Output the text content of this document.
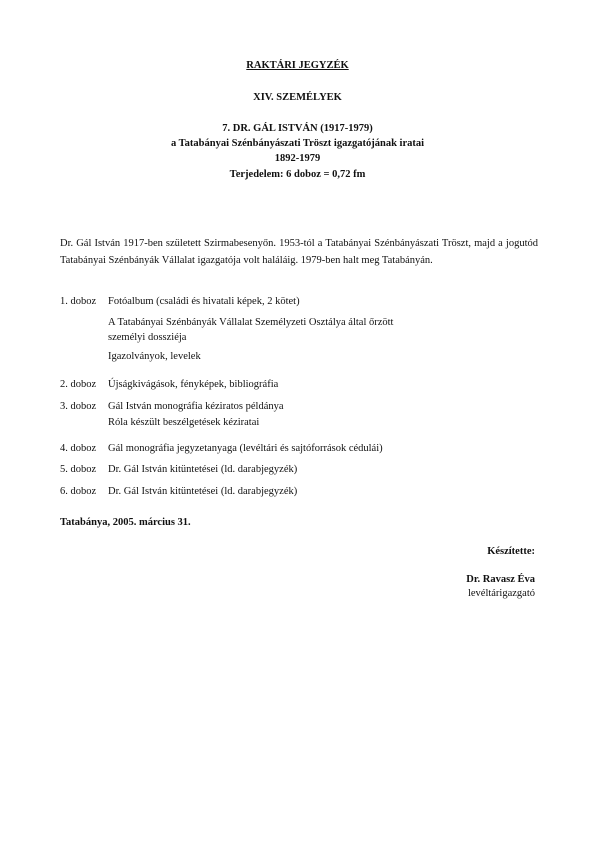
RAKTÁRI JEGYZÉK
XIV. SZEMÉLYEK
7. DR. GÁL ISTVÁN (1917-1979)
a Tatabányai Szénbányászati Tröszt igazgatójának iratai
1892-1979
Terjedelem: 6 doboz = 0,72 fm
Dr. Gál István 1917-ben született Szirmabesenyőn. 1953-tól a Tatabányai Szénbányászati Tröszt, majd a jogutód Tatabányai Szénbányák Vállalat igazgatója volt haláláig. 1979-ben halt meg Tatabányán.
1. doboz Fotóalbum (családi és hivatali képek, 2 kötet)
A Tatabányai Szénbányák Vállalat Személyzeti Osztálya által őrzött
személyi dossziéja
Igazolványok, levelek
2. doboz Újságkivágások, fényképek, bibliográfia
3. doboz Gál István monográfia kéziratos példánya
Róla készült beszélgetések kéziratai
4. doboz Gál monográfia jegyzetanyaga (levéltári és sajtóforrások cédulái)
5. doboz Dr. Gál István kitüntetései (ld. darabjegyzék)
6. doboz Dr. Gál István kitüntetései (ld. darabjegyzék)
Tatabánya, 2005. március 31.
Készítette:
Dr. Ravasz Éva
levéltárigazgató
